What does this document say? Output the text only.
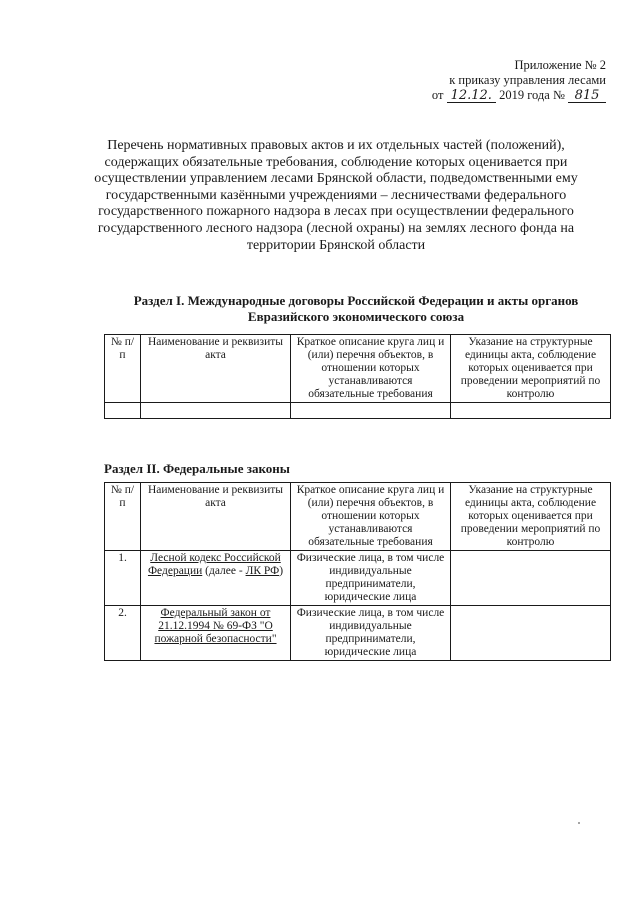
Приложение № 2
к приказу управления лесами
от 12.12. 2019 года № 815
Перечень нормативных правовых актов и их отдельных частей (положений), содержащих обязательные требования, соблюдение которых оценивается при осуществлении управлением лесами Брянской области, подведомственными ему государственными казёнными учреждениями – лесничествами федерального государственного пожарного надзора в лесах при осуществлении федерального государственного лесного надзора (лесной охраны) на землях лесного фонда на территории Брянской области
Раздел I. Международные договоры Российской Федерации и акты органов Евразийского экономического союза
№ п/п	Наименование и реквизиты акта	Краткое описание круга лиц и (или) перечня объектов, в отношении которых устанавливаются обязательные требования	Указание на структурные единицы акта, соблюдение которых оценивается при проведении мероприятий по контролю

Раздел II. Федеральные законы
№ п/п	Наименование и реквизиты акта	Краткое описание круга лиц и (или) перечня объектов, в отношении которых устанавливаются обязательные требования	Указание на структурные единицы акта, соблюдение которых оценивается при проведении мероприятий по контролю
1.	Лесной кодекс Российской Федерации (далее - ЛК РФ)	Физические лица, в том числе индивидуальные предприниматели, юридические лица	
2.	Федеральный закон от 21.12.1994 № 69-ФЗ "О пожарной безопасности"	Физические лица, в том числе индивидуальные предприниматели, юридические лица	
